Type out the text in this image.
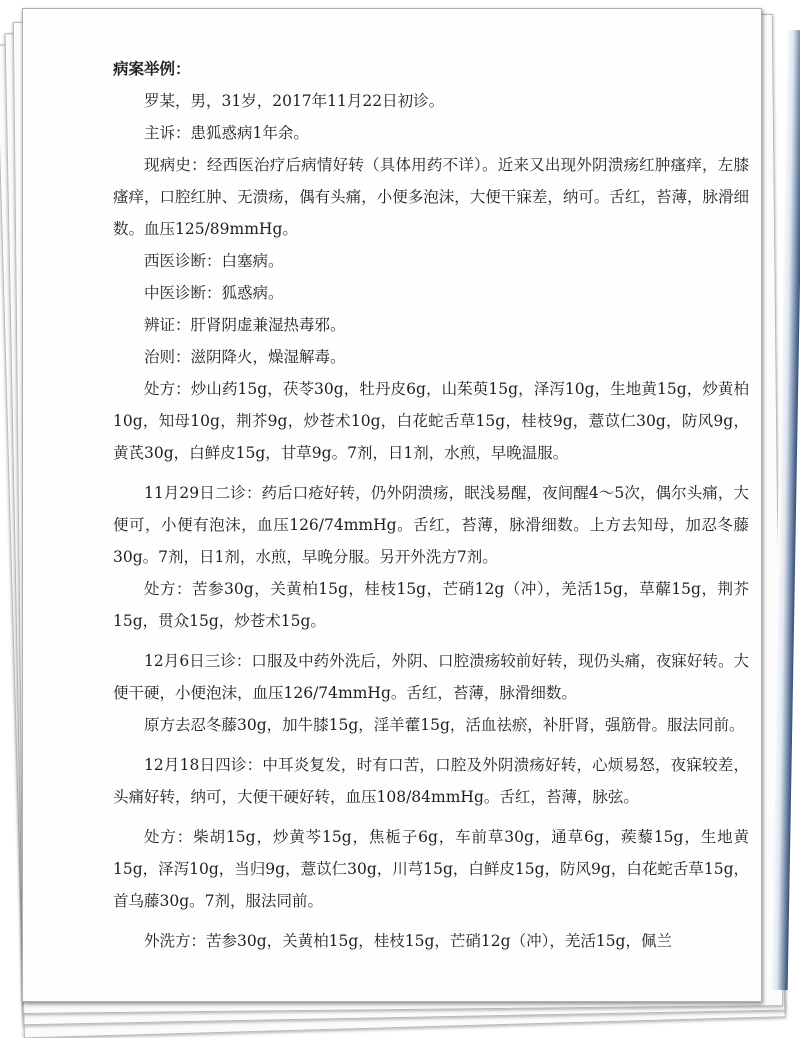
病案举例：

罗某，男，31岁，2017年11月22日初诊。

主诉：患狐惑病1年余。

现病史：经西医治疗后病情好转（具体用药不详）。近来又出现外阴溃疡红肿瘙痒，左膝瘙痒，口腔红肿、无溃疡，偶有头痛，小便多泡沫，大便干寐差，纳可。舌红，苔薄，脉滑细数。血压125/89mmHg。

西医诊断：白塞病。

中医诊断：狐惑病。

辨证：肝肾阴虚兼湿热毒邪。

治则：滋阴降火，燥湿解毒。

处方：炒山药15g，茯苓30g，牡丹皮6g，山茱萸15g，泽泻10g，生地黄15g，炒黄柏10g，知母10g，荆芥9g，炒苍术10g，白花蛇舌草15g，桂枝9g，薏苡仁30g，防风9g，黄芪30g，白鲜皮15g，甘草9g。7剂，日1剂，水煎，早晚温服。

11月29日二诊：药后口疮好转，仍外阴溃疡，眠浅易醒，夜间醒4～5次，偶尔头痛，大便可，小便有泡沫，血压126/74mmHg。舌红，苔薄，脉滑细数。上方去知母，加忍冬藤30g。7剂，日1剂，水煎，早晚分服。另开外洗方7剂。

处方：苦参30g，关黄柏15g，桂枝15g，芒硝12g（冲），羌活15g，草薢15g，荆芥15g，贯众15g，炒苍术15g。

12月6日三诊：口服及中药外洗后，外阴、口腔溃疡较前好转，现仍头痛，夜寐好转。大便干硬，小便泡沫，血压126/74mmHg。舌红，苔薄，脉滑细数。

原方去忍冬藤30g，加牛膝15g，淫羊藿15g，活血祛瘀，补肝肾，强筋骨。服法同前。

12月18日四诊：中耳炎复发，时有口苦，口腔及外阴溃疡好转，心烦易怒，夜寐较差，头痛好转，纳可，大便干硬好转，血压108/84mmHg。舌红，苔薄，脉弦。

处方：柴胡15g，炒黄芩15g，焦栀子6g，车前草30g，通草6g，蒺藜15g，生地黄15g，泽泻10g，当归9g，薏苡仁30g，川芎15g，白鲜皮15g，防风9g，白花蛇舌草15g，首乌藤30g。7剂，服法同前。

外洗方：苦参30g，关黄柏15g，桂枝15g，芒硝12g（冲），羌活15g，佩兰
